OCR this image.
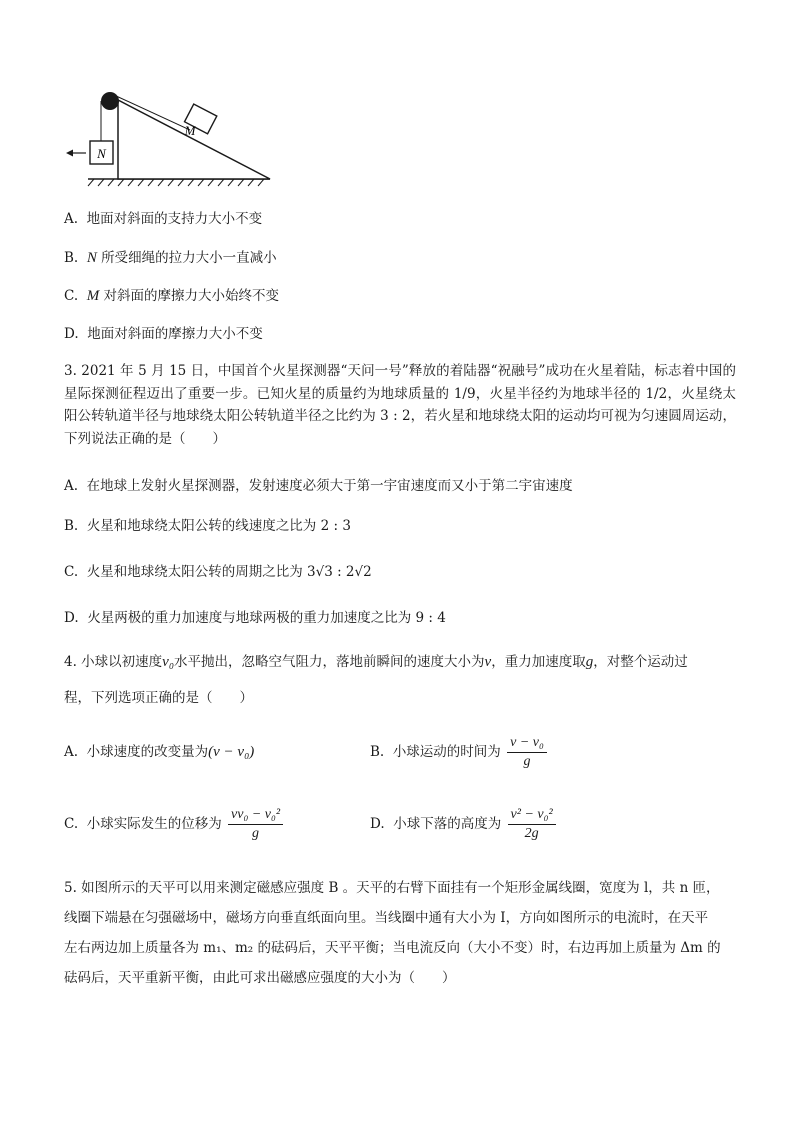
M
N
A. 地面对斜面的支持力大小不变
B. N 所受细绳的拉力大小一直减小
C. M 对斜面的摩擦力大小始终不变
D. 地面对斜面的摩擦力大小不变
3. 2021 年 5 月 15 日，中国首个火星探测器“天问一号”释放的着陆器“祝融号”成功在火星着陆，标志着中国的星际探测征程迈出了重要一步。已知火星的质量约为地球质量的 1/9，火星半径约为地球半径的 1/2，火星绕太阳公转轨道半径与地球绕太阳公转轨道半径之比约为 3 : 2，若火星和地球绕太阳的运动均可视为匀速圆周运动，下列说法正确的是（　　）
A. 在地球上发射火星探测器，发射速度必须大于第一宇宙速度而又小于第二宇宙速度
B. 火星和地球绕太阳公转的线速度之比为 2 : 3
C. 火星和地球绕太阳公转的周期之比为 3√3 : 2√2
D. 火星两极的重力加速度与地球两极的重力加速度之比为 9 : 4
4. 小球以初速度v₀水平抛出，忽略空气阻力，落地前瞬间的速度大小为v，重力加速度取g，对整个运动过
程，下列选项正确的是（　　）
A. 小球速度的改变量为(v − v₀)	B. 小球运动的时间为 $\frac{\text{v − v₀}}{g}$
C. 小球实际发生的位移为 $\frac{\text{vv₀ − v₀²}}{g}$	D. 小球下落的高度为 $\frac{\text{v² − v₀²}}{2g}$
5. 如图所示的天平可以用来测定磁感应强度 B 。天平的右臂下面挂有一个矩形金属线圈，宽度为 l，共 n 匝，
线圈下端悬在匀强磁场中，磁场方向垂直纸面向里。当线圈中通有大小为 I，方向如图所示的电流时，在天平
左右两边加上质量各为 m₁、m₂ 的砝码后，天平平衡；当电流反向（大小不变）时，右边再加上质量为 Δm 的
砝码后，天平重新平衡，由此可求出磁感应强度的大小为（　　）
